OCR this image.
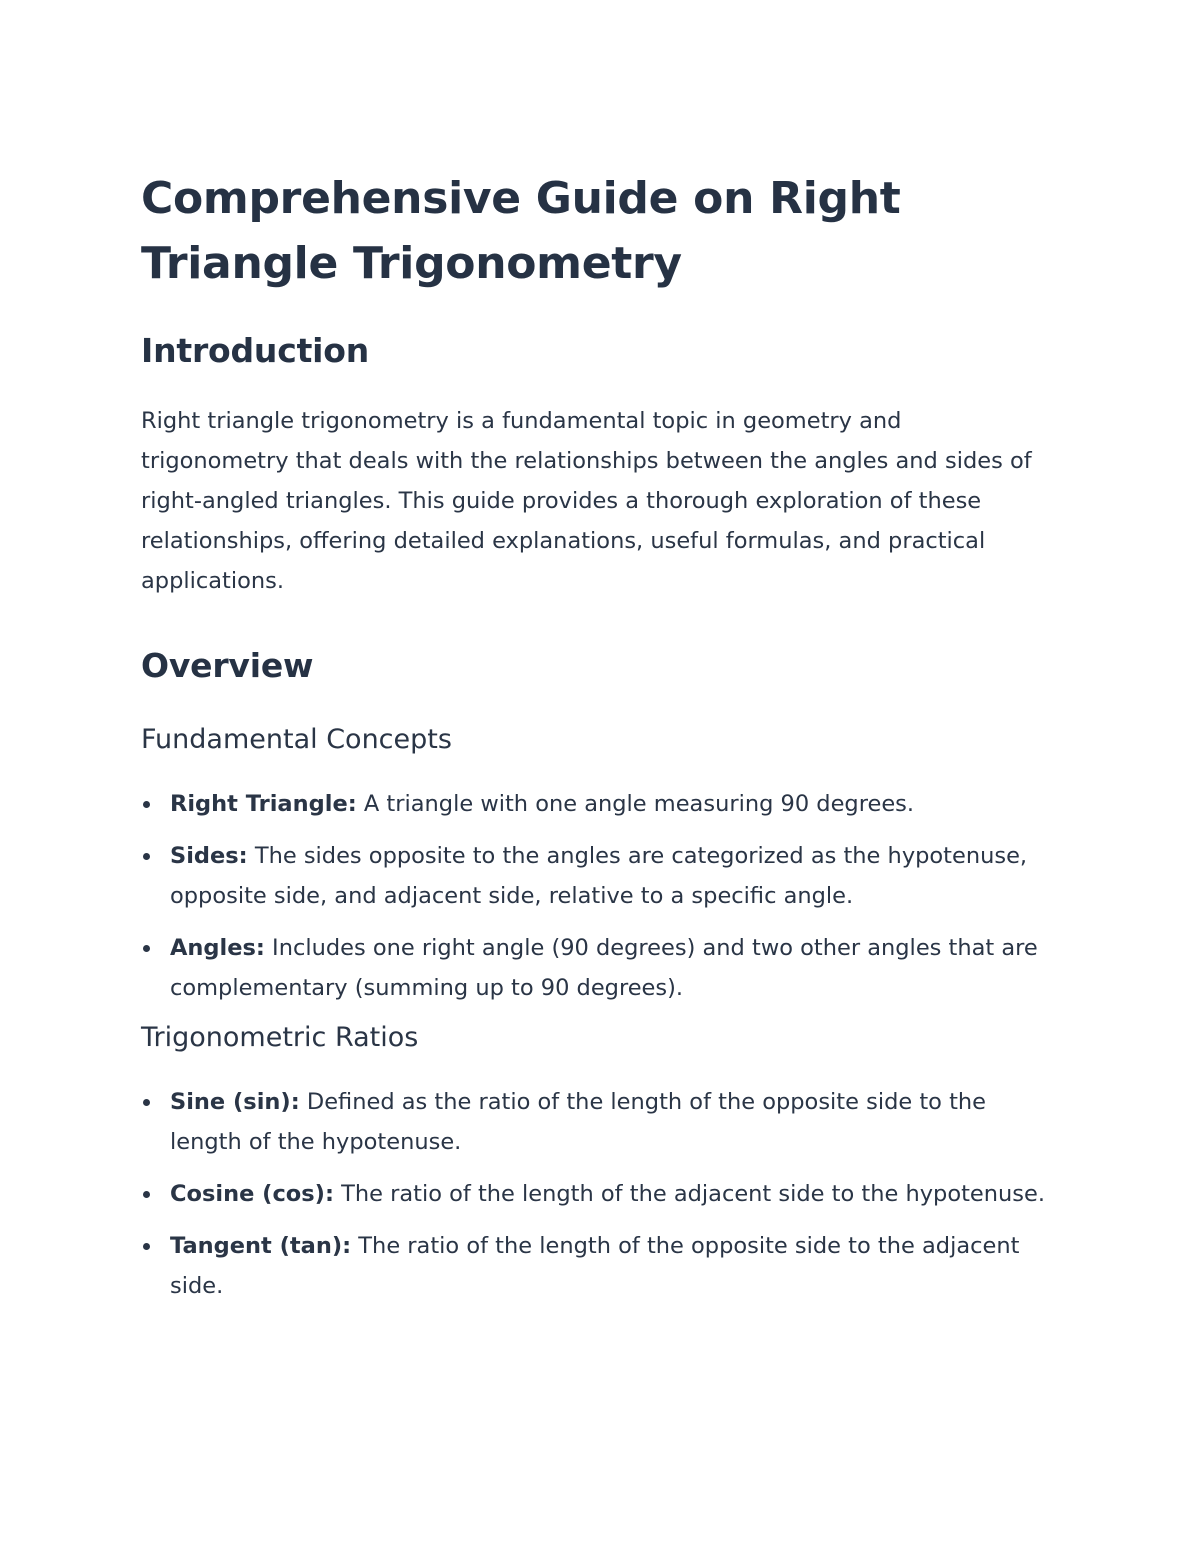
Comprehensive Guide on Right Triangle Trigonometry
Introduction

Right triangle trigonometry is a fundamental topic in geometry and trigonometry that deals with the relationships between the angles and sides of right-angled triangles. This guide provides a thorough exploration of these relationships, offering detailed explanations, useful formulas, and practical applications.

Overview
Fundamental Concepts
Right Triangle: A triangle with one angle measuring 90 degrees.
Sides: The sides opposite to the angles are categorized as the hypotenuse, opposite side, and adjacent side, relative to a specific angle.
Angles: Includes one right angle (90 degrees) and two other angles that are complementary (summing up to 90 degrees).
Trigonometric Ratios
Sine (sin): Defined as the ratio of the length of the opposite side to the length of the hypotenuse.
Cosine (cos): The ratio of the length of the adjacent side to the hypotenuse.
Tangent (tan): The ratio of the length of the opposite side to the adjacent side.
